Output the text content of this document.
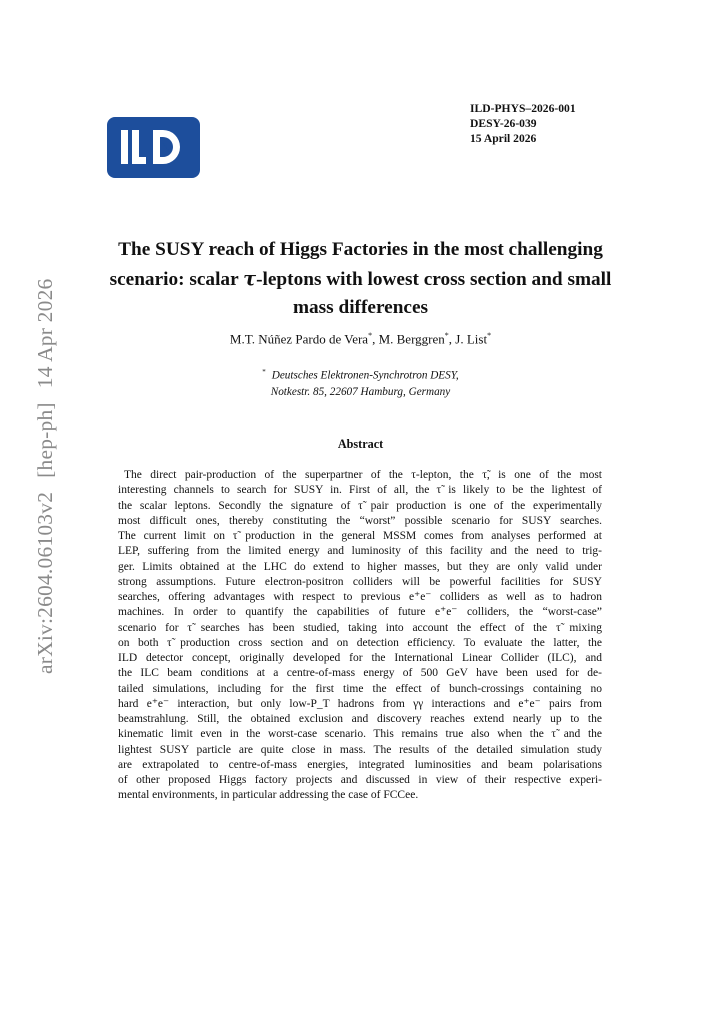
ILD-PHYS–2026-001
DESY-26-039
15 April 2026
arXiv:2604.06103v2[hep-ph]14 Apr 2026
The SUSY reach of Higgs Factories in the most challenging
scenario: scalar τ-leptons with lowest cross section and small
mass differences
M.T. Núñez Pardo de Vera*, M. Berggren*, J. List*
* Deutsches Elektronen-Synchrotron DESY,
Notkestr. 85, 22607 Hamburg, Germany
Abstract
The direct pair-production of the superpartner of the τ-lepton, the τ̃, is one of the most
interesting channels to search for SUSY in. First of all, the τ̃ is likely to be the lightest of
the scalar leptons. Secondly the signature of τ̃ pair production is one of the experimentally
most difficult ones, thereby constituting the “worst” possible scenario for SUSY searches.
The current limit on τ̃ production in the general MSSM comes from analyses performed at
LEP, suffering from the limited energy and luminosity of this facility and the need to trig-
ger. Limits obtained at the LHC do extend to higher masses, but they are only valid under
strong assumptions. Future electron-positron colliders will be powerful facilities for SUSY
searches, offering advantages with respect to previous e⁺e⁻ colliders as well as to hadron
machines. In order to quantify the capabilities of future e⁺e⁻ colliders, the “worst-case”
scenario for τ̃ searches has been studied, taking into account the effect of the τ̃ mixing
on both τ̃ production cross section and on detection efficiency. To evaluate the latter, the
ILD detector concept, originally developed for the International Linear Collider (ILC), and
the ILC beam conditions at a centre-of-mass energy of 500 GeV have been used for de-
tailed simulations, including for the first time the effect of bunch-crossings containing no
hard e⁺e⁻ interaction, but only low-P_T hadrons from γγ interactions and e⁺e⁻ pairs from
beamstrahlung. Still, the obtained exclusion and discovery reaches extend nearly up to the
kinematic limit even in the worst-case scenario. This remains true also when the τ̃ and the
lightest SUSY particle are quite close in mass. The results of the detailed simulation study
are extrapolated to centre-of-mass energies, integrated luminosities and beam polarisations
of other proposed Higgs factory projects and discussed in view of their respective experi-
mental environments, in particular addressing the case of FCCee.
